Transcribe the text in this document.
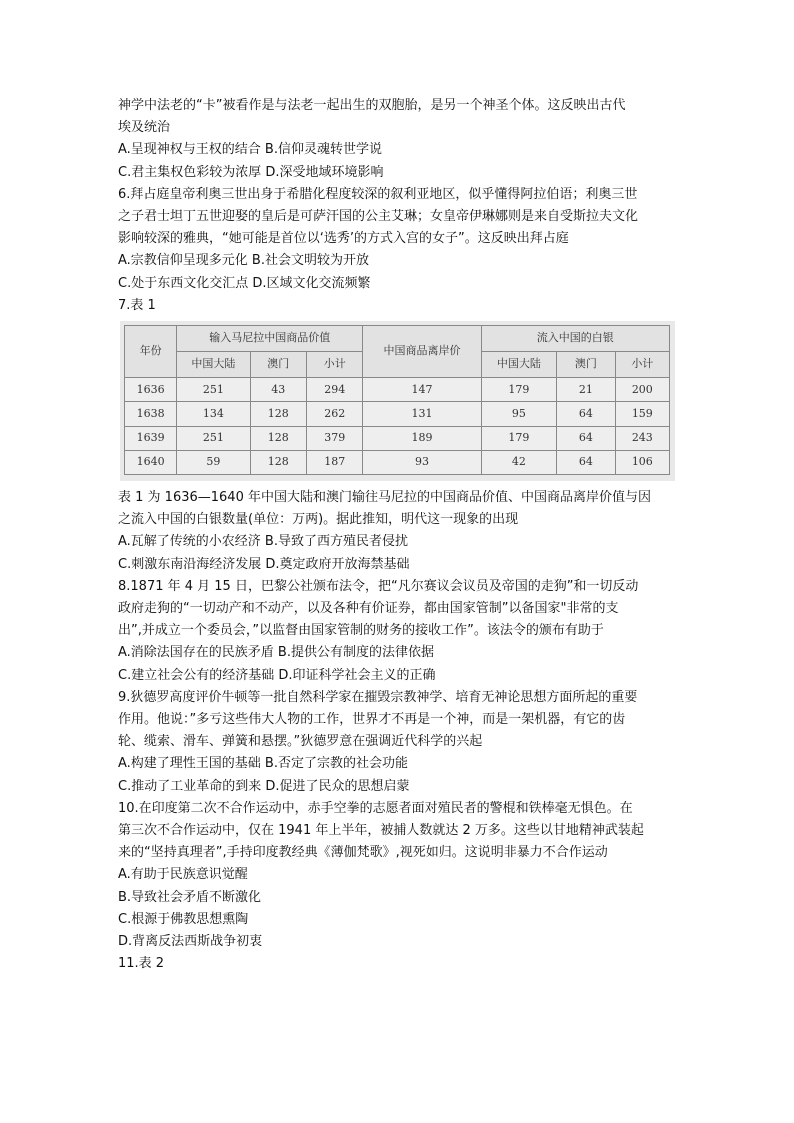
神学中法老的“卡”被看作是与法老一起出生的双胞胎，是另一个神圣个体。这反映出古代

埃及统治

A.呈现神权与王权的结合 B.信仰灵魂转世学说

C.君主集权色彩较为浓厚 D.深受地域环境影响

6.拜占庭皇帝利奥三世出身于希腊化程度较深的叙利亚地区，似乎懂得阿拉伯语；利奥三世

之子君士坦丁五世迎娶的皇后是可萨汗国的公主艾琳；女皇帝伊琳娜则是来自受斯拉夫文化

影响较深的雅典，“她可能是首位以‘选秀’的方式入宫的女子”。这反映出拜占庭

A.宗教信仰呈现多元化 B.社会文明较为开放

C.处于东西文化交汇点 D.区域文化交流频繁

7.表 1

年份	输入马尼拉中国商品价值			中国商品离岸价	流入中国的白银		
	中国大陆	澳门	小计		中国大陆	澳门	小计
1636	251	43	294	147	179	21	200
1638	134	128	262	131	95	64	159
1639	251	128	379	189	179	64	243
1640	59	128	187	93	42	64	106

表 1 为 1636—1640 年中国大陆和澳门输往马尼拉的中国商品价值、中国商品离岸价值与因

之流入中国的白银数量(单位：万两)。据此推知，明代这一现象的出现

A.瓦解了传统的小农经济 B.导致了西方殖民者侵扰

C.刺激东南沿海经济发展 D.奠定政府开放海禁基础

8.1871 年 4 月 15 日，巴黎公社颁布法令，把“凡尔赛议会议员及帝国的走狗”和一切反动

政府走狗的“一切动产和不动产，以及各种有价证券，都由国家管制”以备国家"非常的支

出”,并成立一个委员会，”以监督由国家管制的财务的接收工作”。该法令的颁布有助于

A.消除法国存在的民族矛盾 B.提供公有制度的法律依据

C.建立社会公有的经济基础 D.印证科学社会主义的正确

9.狄德罗高度评价牛顿等一批自然科学家在摧毁宗教神学、培育无神论思想方面所起的重要

作用。他说：”多亏这些伟大人物的工作，世界才不再是一个神，而是一架机器，有它的齿

轮、缆索、滑车、弹簧和悬摆。”狄德罗意在强调近代科学的兴起

A.构建了理性王国的基础 B.否定了宗教的社会功能

C.推动了工业革命的到来 D.促进了民众的思想启蒙

10.在印度第二次不合作运动中，赤手空拳的志愿者面对殖民者的警棍和铁棒毫无惧色。在

第三次不合作运动中，仅在 1941 年上半年，被捕人数就达 2 万多。这些以甘地精神武装起

来的“坚持真理者”,手持印度教经典《薄伽梵歌》,视死如归。这说明非暴力不合作运动

A.有助于民族意识觉醒

B.导致社会矛盾不断激化

C.根源于佛教思想熏陶

D.背离反法西斯战争初衷

11.表 2
